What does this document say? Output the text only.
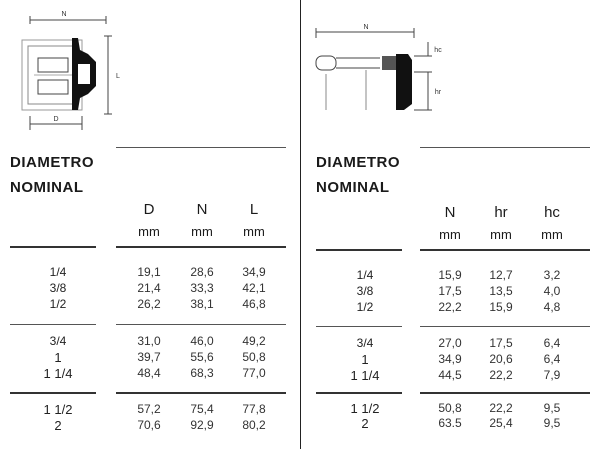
N
D
L
N
hc
hr
DIAMETRO
NOMINAL
D
mm
N
mm
L
mm
1/4	19,1	28,6	34,9
3/8	21,4	33,3	42,1
1/2	26,2	38,1	46,8
3/4	31,0	46,0	49,2
1	39,7	55,6	50,8
1 1/4	48,4	68,3	77,0
1 1/2	57,2	75,4	77,8
2	70,6	92,9	80,2
DIAMETRO
NOMINAL
N
mm
hr
mm
hc
mm
1/4	15,9	12,7	3,2
3/8	17,5	13,5	4,0
1/2	22,2	15,9	4,8
3/4	27,0	17,5	6,4
1	34,9	20,6	6,4
1 1/4	44,5	22,2	7,9
1 1/2	50,8	22,2	9,5
2	63.5	25,4	9,5
